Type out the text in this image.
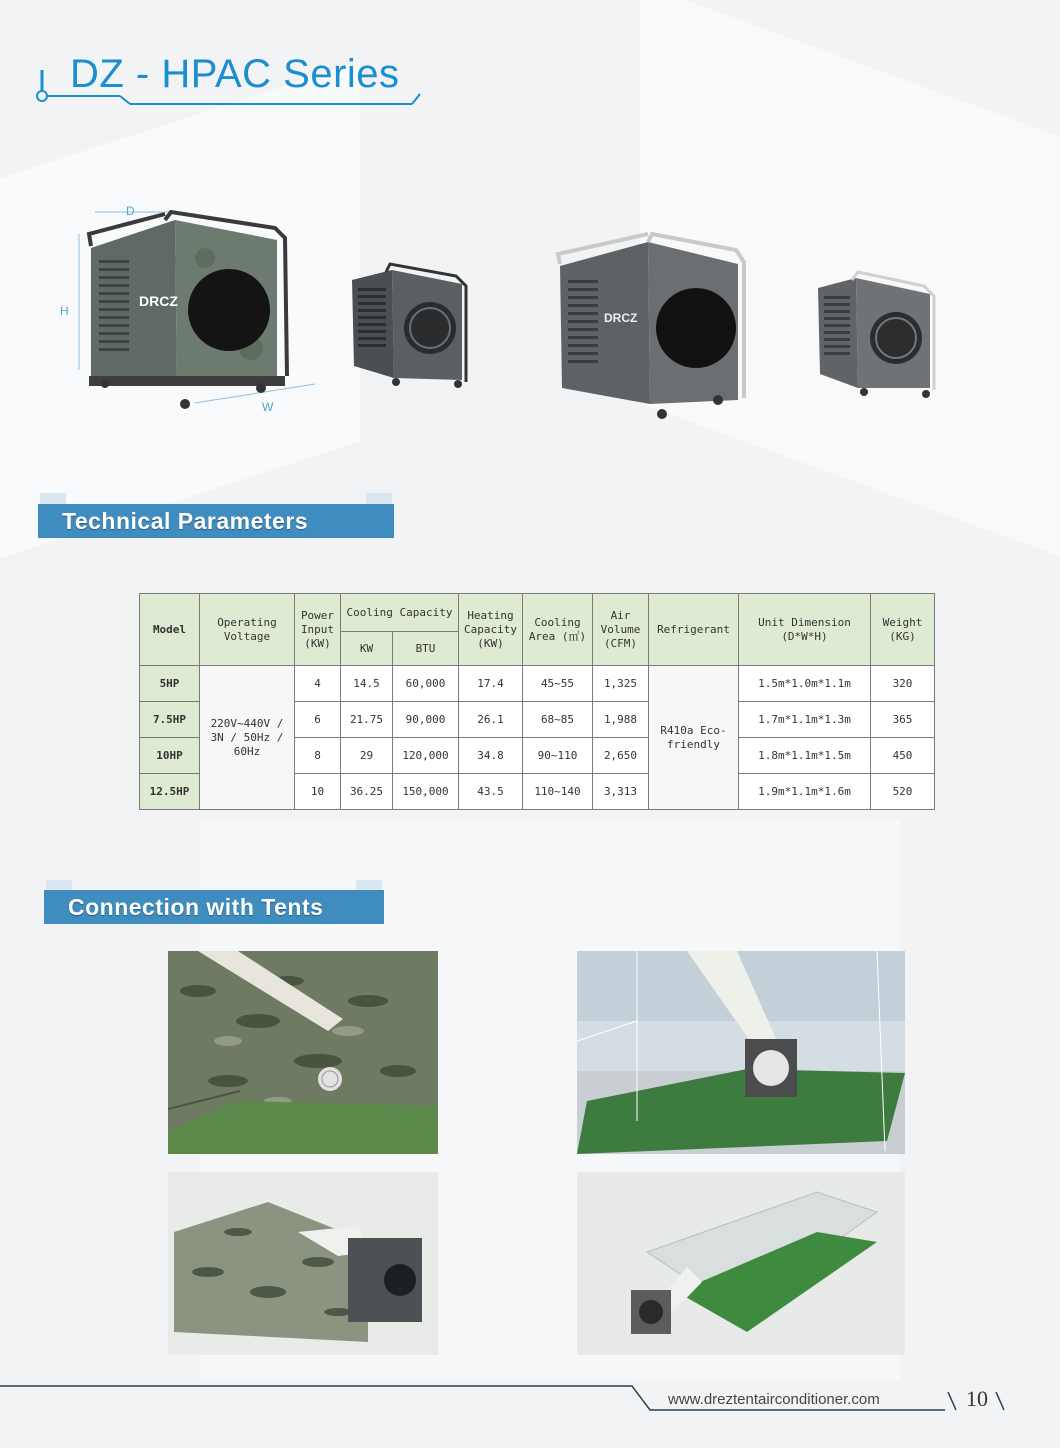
DZ - HPAC Series
DRCZ
D
H
W
DRCZ
Technical Parameters
Model	Operating Voltage	Power Input (KW)	Cooling Capacity		Heating Capacity (KW)	Cooling Area (㎡)	Air Volume (CFM)	Refrigerant	Unit Dimension (D*W*H)	Weight (KG)
			KW	BTU						
5HP	220V~440V / 3N / 50Hz / 60Hz	4	14.5	60,000	17.4	45~55	1,325	R410a Eco-friendly	1.5m*1.0m*1.1m	320
7.5HP		6	21.75	90,000	26.1	68~85	1,988		1.7m*1.1m*1.3m	365
10HP		8	29	120,000	34.8	90~110	2,650		1.8m*1.1m*1.5m	450
12.5HP		10	36.25	150,000	43.5	110~140	3,313		1.9m*1.1m*1.6m	520
Connection with Tents
www.dreztentairconditioner.com	10
